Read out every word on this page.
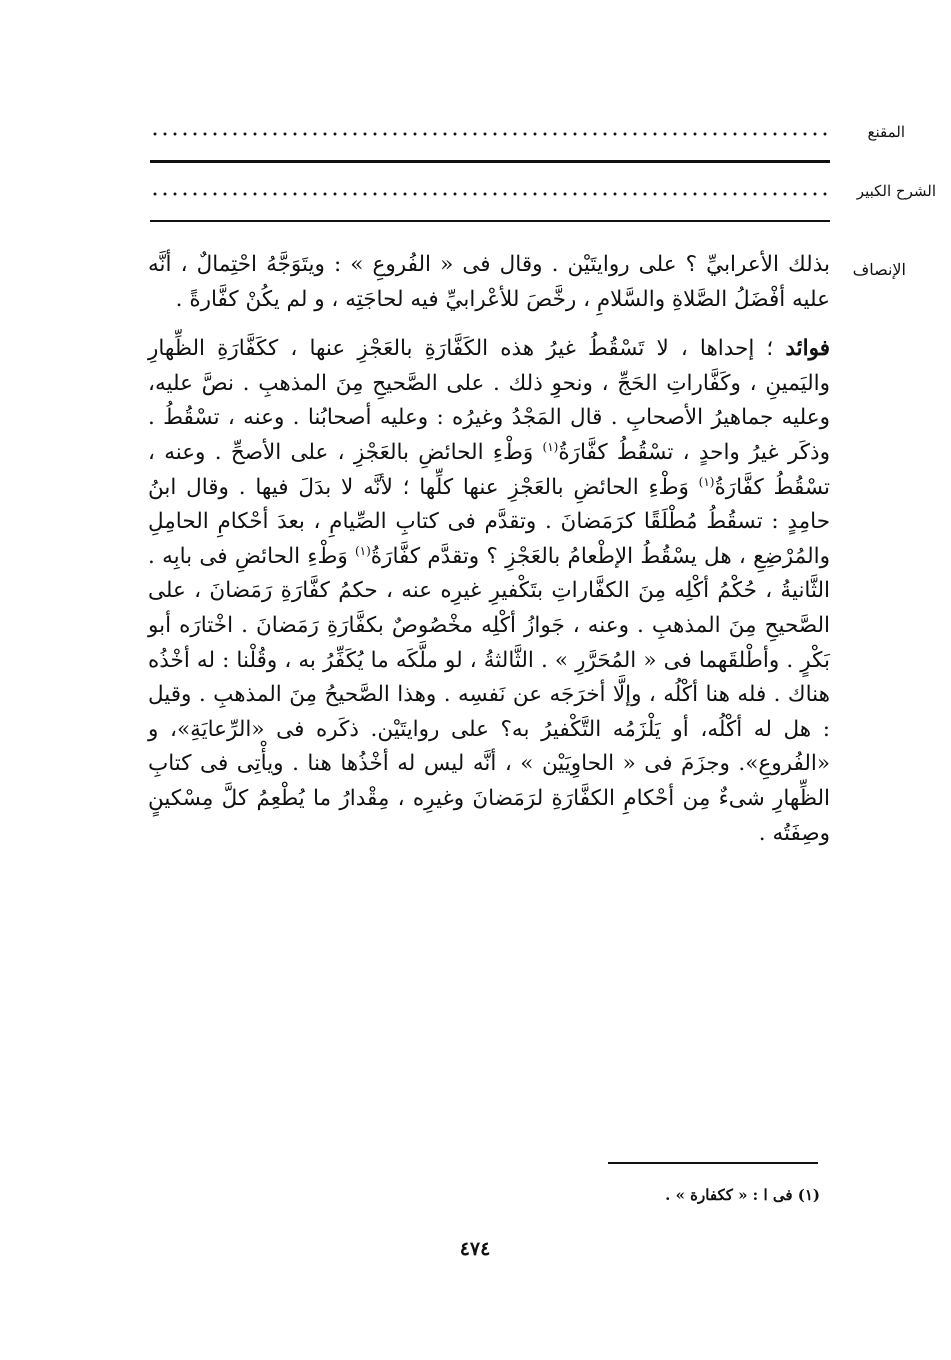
المقنع
الشرح الكبير
الإنصاف

بذلك الأعرابيِّ ؟ على روايتَيْن . وقال فى « الفُروعِ » : ويتَوَجَّهُ احْتِمالٌ ، أنَّه عليه أفْضَلُ الصَّلاةِ والسَّلامِ ، رخَّصَ للأعْرابيِّ فيه لحاجَتِه ، و لم يكُنْ كفَّارةً .

فوائد ؛ إحداها ، لا تَسْقُطُ غيرُ هذه الكَفَّارَةِ بالعَجْزِ عنها ، ككَفَّارَةِ الظِّهارِ واليَمينِ ، وكَفَّاراتِ الحَجِّ ، ونحوِ ذلك . على الصَّحيحِ مِنَ المذهبِ . نصَّ عليه، وعليه جماهيرُ الأصحابِ . قال المَجْدُ وغيرُه : وعليه أصحابُنا . وعنه ، تسْقُطُ . وذكَر غيرُ واحدٍ ، تسْقُطُ كفَّارَةُ$^{(١)}$ وَطْءِ الحائضِ بالعَجْزِ ، على الأصحِّ . وعنه ، تسْقُطُ كفَّارَةُ$^{(١)}$ وَطْءِ الحائضِ بالعَجْزِ عنها كلِّها ؛ لأنَّه لا بدَلَ فيها . وقال ابنُ حامِدٍ : تسقُطُ مُطْلَقًا كرَمَضانَ . وتقدَّم فى كتابِ الصِّيامِ ، بعدَ أحْكامِ الحامِلِ والمُرْضِعِ ، هل يسْقُطُ الإطْعامُ بالعَجْزِ ؟ وتقدَّم كفَّارَةُ$^{(١)}$ وَطْءِ الحائضِ فى بابِه . الثَّانيةُ ، حُكْمُ أكْلِه مِنَ الكفَّاراتِ بتَكْفيرِ غيرِه عنه ، حكمُ كفَّارَةِ رَمَضانَ ، على الصَّحيحِ مِنَ المذهبِ . وعنه ، جَوازُ أكْلِه مخْصُوصٌ بكفَّارَةِ رَمَضانَ . اخْتارَه أبو بَكْرٍ . وأطْلقَهما فى « المُحَرَّرِ » . الثَّالثةُ ، لو ملَّكَه ما يُكَفِّرُ به ، وقُلْنا : له أخْذُه هناك . فله هنا أكْلُه ، وإلَّا أخرَجَه عن نَفسِه . وهذا الصَّحيحُ مِنَ المذهبِ . وقيل : هل له أكْلُه، أو يَلْزَمُه التَّكْفيرُ به؟ على روايتَيْن. ذكَره فى «الرِّعايَةِ»، و «الفُروعِ». وجزَمَ فى « الحاوِيَيْن » ، أنَّه ليس له أخْذُها هنا . ويأْتِى فى كتابِ الظِّهارِ شىءٌ مِن أحْكامِ الكفَّارَةِ لرَمَضانَ وغيرِه ، مِقْدارُ ما يُطْعِمُ كلَّ مِسْكينٍ وصِفَتُه .

(١) فى ا : « ككفارة » .
٤٧٤
